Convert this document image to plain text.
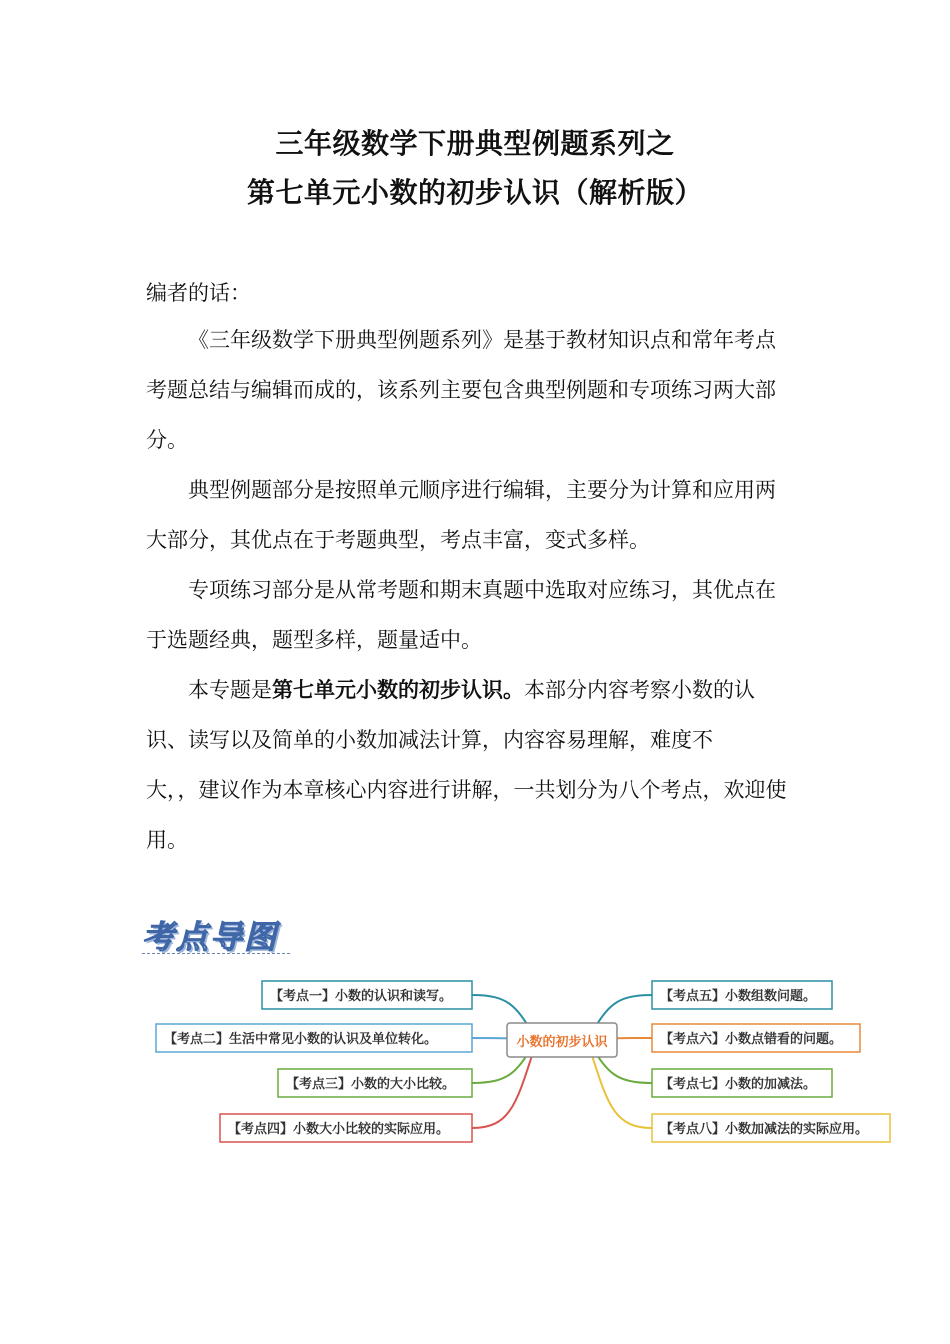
三年级数学下册典型例题系列之
第七单元小数的初步认识（解析版）
编者的话：

《三年级数学下册典型例题系列》是基于教材知识点和常年考点考题总结与编辑而成的，该系列主要包含典型例题和专项练习两大部分。

典型例题部分是按照单元顺序进行编辑，主要分为计算和应用两大部分，其优点在于考题典型，考点丰富，变式多样。

专项练习部分是从常考题和期末真题中选取对应练习，其优点在于选题经典，题型多样，题量适中。

本专题是第七单元小数的初步认识。本部分内容考察小数的认识、读写以及简单的小数加减法计算，内容容易理解，难度不
大，，建议作为本章核心内容进行讲解，一共划分为八个考点，欢迎使用。

考点导图
小数的初步认识
【考点一】小数的认识和读写。
【考点二】生活中常见小数的认识及单位转化。
【考点三】小数的大小比较。
【考点四】小数大小比较的实际应用。
【考点五】小数组数问题。
【考点六】小数点错看的问题。
【考点七】小数的加减法。
【考点八】小数加减法的实际应用。
